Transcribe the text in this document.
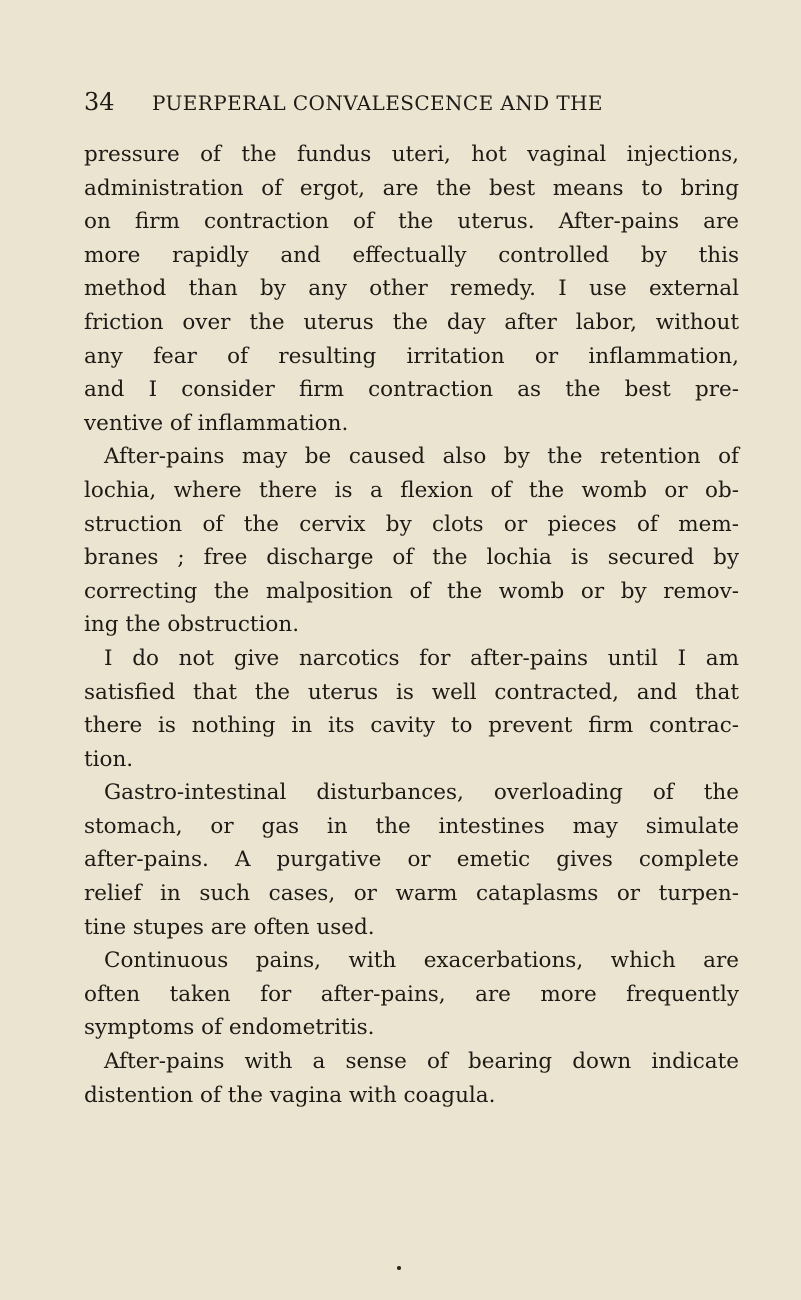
34 PUERPERAL CONVALESCENCE AND THE
pressure of the fundus uteri, hot vaginal injections,
administration of ergot, are the best means to bring
on firm contraction of the uterus. After-pains are
more rapidly and effectually controlled by this
method than by any other remedy. I use external
friction over the uterus the day after labor, without
any fear of resulting irritation or inflammation,
and I consider firm contraction as the best pre-
ventive of inflammation.
After-pains may be caused also by the retention of
lochia, where there is a flexion of the womb or ob-
struction of the cervix by clots or pieces of mem-
branes ; free discharge of the lochia is secured by
correcting the malposition of the womb or by remov-
ing the obstruction.
I do not give narcotics for after-pains until I am
satisfied that the uterus is well contracted, and that
there is nothing in its cavity to prevent firm contrac-
tion.
Gastro-intestinal disturbances, overloading of the
stomach, or gas in the intestines may simulate
after-pains. A purgative or emetic gives complete
relief in such cases, or warm cataplasms or turpen-
tine stupes are often used.
Continuous pains, with exacerbations, which are
often taken for after-pains, are more frequently
symptoms of endometritis.
After-pains with a sense of bearing down indicate
distention of the vagina with coagula.
